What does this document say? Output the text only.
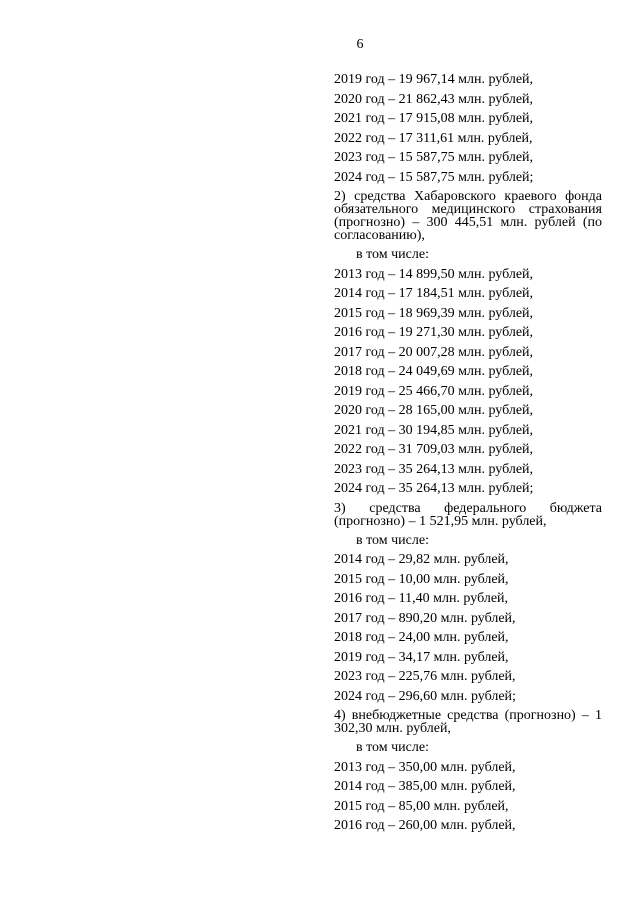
6
2019 год – 19 967,14 млн. рублей,
2020 год – 21 862,43 млн. рублей,
2021 год – 17 915,08 млн. рублей,
2022 год – 17 311,61 млн. рублей,
2023 год – 15 587,75 млн. рублей,
2024 год – 15 587,75 млн. рублей;
2) средства Хабаровского краевого фонда обязательного медицинского страхования (прогнозно) – 300 445,51 млн. рублей (по согласованию),
в том числе:
2013 год – 14 899,50 млн. рублей,
2014 год – 17 184,51 млн. рублей,
2015 год – 18 969,39 млн. рублей,
2016 год – 19 271,30 млн. рублей,
2017 год – 20 007,28 млн. рублей,
2018 год – 24 049,69 млн. рублей,
2019 год – 25 466,70 млн. рублей,
2020 год – 28 165,00 млн. рублей,
2021 год – 30 194,85 млн. рублей,
2022 год – 31 709,03 млн. рублей,
2023 год – 35 264,13 млн. рублей,
2024 год – 35 264,13 млн. рублей;
3) средства федерального бюджета (прогнозно) – 1 521,95 млн. рублей,
в том числе:
2014 год – 29,82 млн. рублей,
2015 год – 10,00 млн. рублей,
2016 год – 11,40 млн. рублей,
2017 год – 890,20 млн. рублей,
2018 год – 24,00 млн. рублей,
2019 год – 34,17 млн. рублей,
2023 год – 225,76 млн. рублей,
2024 год – 296,60 млн. рублей;
4) внебюджетные средства (прогнозно) – 1 302,30 млн. рублей,
в том числе:
2013 год – 350,00 млн. рублей,
2014 год – 385,00 млн. рублей,
2015 год – 85,00 млн. рублей,
2016 год – 260,00 млн. рублей,
